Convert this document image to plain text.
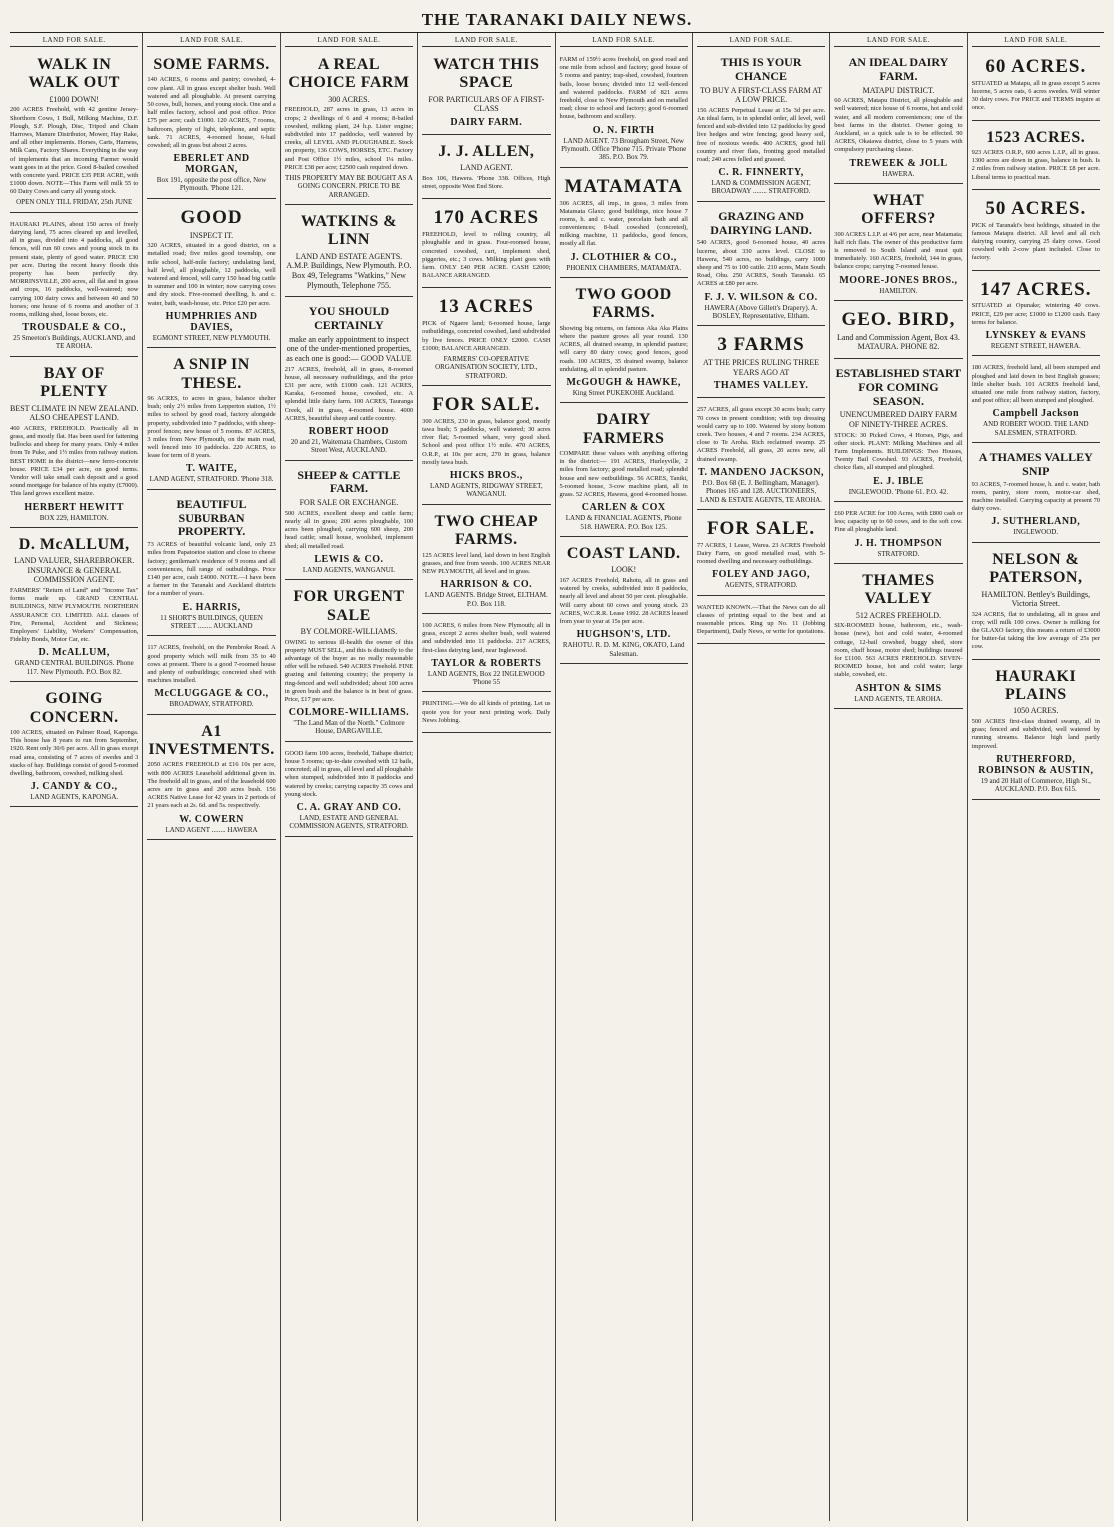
THE TARANAKI DAILY NEWS.
LAND FOR SALE.
WALK IN WALK OUT
£1000 DOWN!
200 ACRES Freehold, with 42 gentine Jersey-Shorthorn Cows, 1 Bull, Milking Machine, D.F. Plough, S.F. Plough, Disc, Tripod and Chain Harrows, Manure Distributor, Mower, Hay Rake, and all other implements. Horses, Carts, Harness, Milk Cans, Factory Shares. Everything in the way of implements that an incoming Farmer would want goes in at the price. Good 8-bailed cowshed with concrete yard. PRICE £35 PER ACRE, with £1000 down. NOTE—This Farm will milk 55 to 60 Dairy Cows and carry all young stock.
OPEN ONLY TILL FRIDAY, 25th JUNE
HAURAKI PLAINS, about 150 acres of freely dairying land, 75 acres cleared up and levelled, all in grass, divided into 4 paddocks, all good fences, will run 60 cows and young stock in its present state, plenty of good water. PRICE £30 per acre. During the recent heavy floods this property has been perfectly dry. MORRINSVILLE, 200 acres, all flat and in grass and crops, 16 paddocks, well-watered; now carrying 100 dairy cows and between 40 and 50 horses; one house of 6 rooms and another of 3 rooms, milking shed, loose boxes, etc.
TROUSDALE & CO.,
25 Smeeton's Buildings, AUCKLAND, and TE AROHA.
BAY OF PLENTY
BEST CLIMATE IN NEW ZEALAND. ALSO CHEAPEST LAND.
460 ACRES, FREEHOLD. Practically all in grass, and mostly flat. Has been used for fattening bullocks and sheep for many years. Only 4 miles from Te Puke, and 1½ miles from railway station. BEST HOME in the district—new ferro-concrete house. PRICE £34 per acre, on good terms. Vendor will take small cash deposit and a good sound mortgage for balance of his equity (£7000). This land grows excellent maize.
HERBERT HEWITT
BOX 229, HAMILTON.
D. McALLUM,
LAND VALUER, SHAREBROKER. INSURANCE & GENERAL COMMISSION AGENT.
FARMERS' "Return of Land" and "Income Tax" forms made up. GRAND CENTRAL BUILDINGS, NEW PLYMOUTH. NORTHERN ASSURANCE CO. LIMITED. ALL classes of Fire, Personal, Accident and Sickness; Employers' Liability, Workers' Compensation, Fidelity Bonds, Motor Car, etc.
D. McALLUM,
GRAND CENTRAL BUILDINGS. Phone 117. New Plymouth. P.O. Box 82.
GOING CONCERN.
100 ACRES, situated on Palmer Road, Kaponga. This house has 8 years to run from September, 1920. Rent only 30/6 per acre. All in grass except road area, consisting of 7 acres of swedes and 3 stacks of hay. Buildings consist of good 5-roomed dwelling, bathroom, cowshed, milking shed.
J. CANDY & CO.,
LAND AGENTS, KAPONGA.
LAND FOR SALE.
SOME FARMS.
140 ACRES, 6 rooms and pantry; cowshed, 4-cow plant. All in grass except shelter bush. Well watered and all ploughable. At present carrying 50 cows, bull, horses, and young stock. One and a half miles factory, school and post office. Price £75 per acre; cash £1000. 120 ACRES, 7 rooms, bathroom, plenty of light, telephone, and septic tank. 71 ACRES, 4-roomed house, 6-bail cowshed; all in grass but about 2 acres.
EBERLET AND MORGAN,
Box 191, opposite the post office, New Plymouth. 'Phone 121.
GOOD
INSPECT IT.
320 ACRES, situated in a good district, on a metalled road; five miles good township, one mile school, half-mile factory; undulating land, half level, all ploughable, 12 paddocks, well watered and fenced, will carry 150 head big cattle in summer and 100 in winter; now carrying cows and dry stock. Five-roomed dwelling, h. and c. water, bath, wash-house, etc. Price £20 per acre.
HUMPHRIES AND DAVIES,
EGMONT STREET, NEW PLYMOUTH.
A SNIP IN THESE.
96 ACRES, to acres in grass, balance shelter bush; only 2½ miles from Lepperton station, 1½ miles to school by good road, factory alongside property, subdivided into 7 paddocks, with sheep-proof fences; new house of 5 rooms. 87 ACRES, 3 miles from New Plymouth, on the main road, well fenced into 10 paddocks. 220 ACRES, to lease for term of 8 years.
T. WAITE,
LAND AGENT, STRATFORD. 'Phone 318.
BEAUTIFUL SUBURBAN PROPERTY.
73 ACRES of beautiful volcanic land, only 23 miles from Papatoetoe station and close to cheese factory; gentleman's residence of 9 rooms and all conveniences, full range of outbuildings. Price £140 per acre, cash £4000. NOTE.—I have been a farmer in the Taranaki and Auckland districts for a number of years.
E. HARRIS,
11 SHORT'S BUILDINGS, QUEEN STREET ........ AUCKLAND
117 ACRES, freehold, on the Pembroke Road. A good property which will milk from 35 to 40 cows at present. There is a good 7-roomed house and plenty of outbuildings; concreted shed with machines installed.
McCLUGGAGE & CO.,
BROADWAY, STRATFORD.
A1 INVESTMENTS.
2050 ACRES FREEHOLD at £16 10s per acre, with 800 ACRES Leasehold additional given in. The freehold all in grass, and of the leasehold 600 acres are in grass and 200 acres bush. 156 ACRES Native Lease for 42 years in 2 periods of 21 years each at 2s. 6d. and 5s. respectively.
W. COWERN
LAND AGENT ........ HAWERA
LAND FOR SALE.
A REAL CHOICE FARM
300 ACRES.
FREEHOLD, 287 acres in grass, 13 acres in crops; 2 dwellings of 6 and 4 rooms; 8-bailed cowshed, milking plant, 24 h.p. Lister engine; subdivided into 17 paddocks, well watered by creeks, all LEVEL AND PLOUGHABLE. Stock on property, 136 COWS, HORSES, ETC. Factory and Post Office 1½ miles, school 1¼ miles. PRICE £38 per acre; £2500 cash required down.
THIS PROPERTY MAY BE BOUGHT AS A GOING CONCERN. PRICE TO BE ARRANGED.
WATKINS & LINN
LAND AND ESTATE AGENTS. A.M.P. Buildings, New Plymouth. P.O. Box 49, Telegrams "Watkins," New Plymouth, Telephone 755.
YOU SHOULD CERTAINLY
make an early appointment to inspect one of the under-mentioned properties, as each one is good:— GOOD VALUE
217 ACRES, freehold, all in grass, 8-roomed house, all necessary outbuildings, and the price £31 per acre, with £1000 cash. 121 ACRES, Karaka, 6-roomed house, cowshed, etc. A splendid little dairy farm. 100 ACRES, Tauranga Creek, all in grass, 4-roomed house. 4000 ACRES, beautiful sheep and cattle country.
ROBERT HOOD
20 and 21, Waitemata Chambers, Custom Street West, AUCKLAND.
SHEEP & CATTLE FARM.
FOR SALE OR EXCHANGE.
500 ACRES, excellent sheep and cattle farm; nearly all in grass; 200 acres ploughable, 100 acres been ploughed, carrying 600 sheep, 200 head cattle; small house, woolshed, implement shed; all metalled road.
LEWIS & CO.
LAND AGENTS, WANGANUI.
FOR URGENT SALE
BY COLMORE-WILLIAMS.
OWING to serious ill-health the owner of this property MUST SELL, and this is distinctly to the advantage of the buyer as no really reasonable offer will be refused. 540 ACRES Freehold. FINE grazing and fattening country; the property is ring-fenced and well subdivided; about 100 acres in green bush and the balance is in best of grass. Price, £17 per acre.
COLMORE-WILLIAMS.
"The Land Man of the North." Colmore House, DARGAVILLE.
GOOD farm 100 acres, freehold, Taihape district; house 5 rooms; up-to-date cowshed with 12 bails, concreted; all in grass, all level and all ploughable when stumped, subdivided into 8 paddocks and watered by creeks; carrying capacity 35 cows and young stock.
C. A. GRAY AND CO.
LAND, ESTATE AND GENERAL COMMISSION AGENTS, STRATFORD.
LAND FOR SALE.
WATCH THIS SPACE
FOR PARTICULARS OF A FIRST-CLASS
DAIRY FARM.
J. J. ALLEN,
LAND AGENT.
Box 106, Hawera. 'Phone 338. Offices, High street, opposite West End Store.
170 ACRES
FREEHOLD, level to rolling country, all ploughable and in grass. Four-roomed house, concreted cowshed, cart, implement shed, piggeries, etc.; 3 cows. Milking plant goes with farm. ONLY £40 PER ACRE. CASH £2000; BALANCE ARRANGED.
13 ACRES
PICK of Ngaere land; 6-roomed house, large outbuildings, concreted cowshed, land subdivided by live fences. PRICE ONLY £2000. CASH £1000; BALANCE ARRANGED.
FARMERS' CO-OPERATIVE ORGANISATION SOCIETY, LTD., STRATFORD.
FOR SALE.
300 ACRES, 230 in grass, balance good, mostly tawa bush; 5 paddocks, well watered; 30 acres river flat; 5-roomed whare, very good shed. School and post office 1½ mile. 470 ACRES, O.R.P., at 10s per acre, 270 in grass, balance mostly tawa bush.
HICKS BROS.,
LAND AGENTS, RIDGWAY STREET, WANGANUI.
TWO CHEAP FARMS.
125 ACRES level land, laid down in best English grasses, and free from weeds. 100 ACRES NEAR NEW PLYMOUTH, all level and in grass.
HARRISON & CO.
LAND AGENTS. Bridge Street, ELTHAM. P.O. Box 118.
100 ACRES, 6 miles from New Plymouth; all in grass, except 2 acres shelter bush, well watered and subdivided into 11 paddocks. 217 ACRES, first-class dairying land, near Inglewood.
TAYLOR & ROBERTS
LAND AGENTS, Box 22 INGLEWOOD 'Phone 55
PRINTING.—We do all kinds of printing. Let us quote you for your next printing work. Daily News Jobbing.
LAND FOR SALE.
FARM of 159½ acres freehold, on good road and one mile from school and factory; good house of 5 rooms and pantry; trap-shed, cowshed, fourteen bails, loose boxes; divided into 12 well-fenced and watered paddocks. FARM of 821 acres freehold, close to New Plymouth and on metalled road; close to school and factory; good 6-roomed house, bathroom and scullery.
O. N. FIRTH
LAND AGENT. 73 Brougham Street, New Plymouth. Office 'Phone 715. Private 'Phone 385. P.O. Box 79.
MATAMATA
306 ACRES, all imp., in grass, 3 miles from Matamata Glaxo; good buildings, nice house 7 rooms, h. and c. water, porcelain bath and all conveniences; 8-bail cowshed (concreted), milking machine, 11 paddocks, good fences, mostly all flat.
J. CLOTHIER & CO.,
PHOENIX CHAMBERS, MATAMATA.
TWO GOOD FARMS.
Showing big returns, on famous Aka Aka Plains where the pasture grows all year round. 130 ACRES, all drained swamp, in splendid pasture; will carry 80 dairy cows; good fences, good roads. 100 ACRES, 35 drained swamp, balance undulating, all in splendid pasture.
McGOUGH & HAWKE,
King Street PUKEKOHE Auckland.
DAIRY FARMERS
COMPARE these values with anything offering in the district:— 191 ACRES, Hurleyville, 2 miles from factory; good metalled road; splendid house and new outbuildings. 56 ACRES, Taniki, 5-roomed house, 3-cow machine plant, all in grass. 52 ACRES, Hawera, good 4-roomed house.
CARLEN & COX
LAND & FINANCIAL AGENTS, Phone 518. HAWERA. P.O. Box 125.
COAST LAND.
LOOK!
167 ACRES Freehold, Rahotu, all in grass and watered by creeks, subdivided into 8 paddocks, nearly all level and about 50 per cent. ploughable. Will carry about 60 cows and young stock. 23 ACRES, W.C.R.R. Lease 1992. 28 ACRES leased from year to year at 15s per acre.
HUGHSON'S, LTD.
RAHOTU. R. D. M. KING, OKATO, Land Salesman.
LAND FOR SALE.
THIS IS YOUR CHANCE
TO BUY A FIRST-CLASS FARM AT A LOW PRICE.
156 ACRES Perpetual Lease at 15s 3d per acre. An ideal farm, is in splendid order, all level, well fenced and sub-divided into 12 paddocks by good live hedges and wire fencing; good heavy soil, free of noxious weeds. 400 ACRES, good hill country and river flats, fronting good metalled road; 240 acres felled and grassed.
C. R. FINNERTY,
LAND & COMMISSION AGENT, BROADWAY ........ STRATFORD.
GRAZING AND DAIRYING LAND.
540 ACRES, good 6-roomed house, 40 acres lucerne, about 330 acres level. CLOSE to Hawera, 540 acres, no buildings, carry 1000 sheep and 75 to 100 cattle. 210 acres, Main South Road, Ohu. 250 ACRES, South Taranaki. 65 ACRES at £80 per acre.
F. J. V. WILSON & CO.
HAWERA (Above Gillett's Drapery). A. BOSLEY, Representative, Eltham.
3 FARMS
AT THE PRICES RULING THREE YEARS AGO AT
THAMES VALLEY.
257 ACRES, all grass except 30 acres bush; carry 70 cows in present condition; with top dressing would carry up to 100. Watered by stony bottom creek. Two houses, 4 and 7 rooms. 234 ACRES, close to Te Aroha. Rich reclaimed swamp. 25 ACRES Freehold, all grass, 20 acres new, all drained swamp.
T. MANDENO JACKSON,
P.O. Box 68 (E. J. Bellingham, Manager). Phones 165 and 128. AUCTIONEERS, LAND & ESTATE AGENTS, TE AROHA.
FOR SALE.
77 ACRES, 1 Lease, Warea. 23 ACRES Freehold Dairy Farm, on good metalled road, with 5-roomed dwelling and necessary outbuildings.
FOLEY AND JAGO,
AGENTS, STRATFORD.
WANTED KNOWN.—That the News can do all classes of printing equal to the best and at reasonable prices. Ring up No. 11 (Jobbing Department), Daily News, or write for quotations.
LAND FOR SALE.
AN IDEAL DAIRY FARM.
MATAPU DISTRICT.
60 ACRES, Matapu District, all ploughable and well watered; nice house of 6 rooms, hot and cold water, and all modern conveniences; one of the best farms in the district. Owner going to Auckland, so a quick sale is to be effected. 90 ACRES, Okaiawa district, close to 5 years with compulsory purchasing clause.
TREWEEK & JOLL
HAWERA.
WHAT OFFERS?
300 ACRES L.I.P. at 4/6 per acre, near Matamata; half rich flats. The owner of this productive farm is removed to South Island and must quit immediately. 160 ACRES, freehold, 144 in grass, balance crops; carrying 7-roomed house.
MOORE-JONES BROS.,
HAMILTON.
GEO. BIRD,
Land and Commission Agent, Box 43. MATAURA. PHONE 82.
ESTABLISHED START FOR COMING SEASON.
UNENCUMBERED DAIRY FARM OF NINETY-THREE ACRES.
STOCK: 30 Picked Cows, 4 Horses, Pigs, and other stock. PLANT: Milking Machines and all Farm Implements. BUILDINGS: Two Houses, Twenty Bail Cowshed. 93 ACRES, Freehold, choice flats, all stumped and ploughed.
E. J. IBLE
INGLEWOOD. 'Phone 61. P.O. 42.
£60 PER ACRE for 100 Acres, with £800 cash or less; capacity up to 60 cows, and to the soft cow. Fine all ploughable land.
J. H. THOMPSON
STRATFORD.
THAMES VALLEY
512 ACRES FREEHOLD.
SIX-ROOMED house, bathroom, etc., wash-house (new), hot and cold water, 4-roomed cottage, 12-bail cowshed, buggy shed, store room, chaff house, motor shed; buildings insured for £1100. 563 ACRES FREEHOLD. SEVEN-ROOMED house, hot and cold water; large stable, cowshed, etc.
ASHTON & SIMS
LAND AGENTS, TE AROHA.
LAND FOR SALE.
60 ACRES.
SITUATED at Matapu, all in grass except 5 acres lucerne, 5 acres oats, 6 acres swedes. Will winter 30 dairy cows. For PRICE and TERMS inquire at once.
1523 ACRES.
923 ACRES O.R.P., 600 acres L.I.P., all in grass. 1300 acres are down in grass, balance in bush. Is 2 miles from railway station. PRICE £8 per acre. Liberal terms to practical man.
50 ACRES.
PICK of Taranaki's best holdings, situated in the famous Matapu district. All level and all rich dairying country, carrying 25 dairy cows. Good cowshed with 2-cow plant included. Close to factory.
147 ACRES.
SITUATED at Opunake; wintering 40 cows. PRICE, £29 per acre; £1000 to £1200 cash. Easy terms for balance.
LYNSKEY & EVANS
REGENT STREET, HAWERA.
180 ACRES, freehold land, all been stumped and ploughed and laid down in best English grasses; little shelter bush. 101 ACRES freehold land, situated one mile from railway station, factory, and post office; all been stumped and ploughed.
Campbell Jackson
AND ROBERT WOOD. THE LAND SALESMEN, STRATFORD.
A THAMES VALLEY SNIP
93 ACRES, 7-roomed house, h. and c. water, bath room, pantry, store room, motor-car shed, machine installed. Carrying capacity at present 70 dairy cows.
J. SUTHERLAND,
INGLEWOOD.
NELSON & PATERSON,
HAMILTON. Bettley's Buildings, Victoria Street.
324 ACRES, flat to undulating, all in grass and crop; will milk 100 cows. Owner is milking for the GLAXO factory, this means a return of £3000 for butter-fat taking the low average of 25s per cow.
HAURAKI PLAINS
1050 ACRES.
500 ACRES first-class drained swamp, all in grass; fenced and subdivided, well watered by running streams. Balance high land partly improved.
RUTHERFORD, ROBINSON & AUSTIN,
19 and 20 Hall of Commerce, High St., AUCKLAND. P.O. Box 615.
